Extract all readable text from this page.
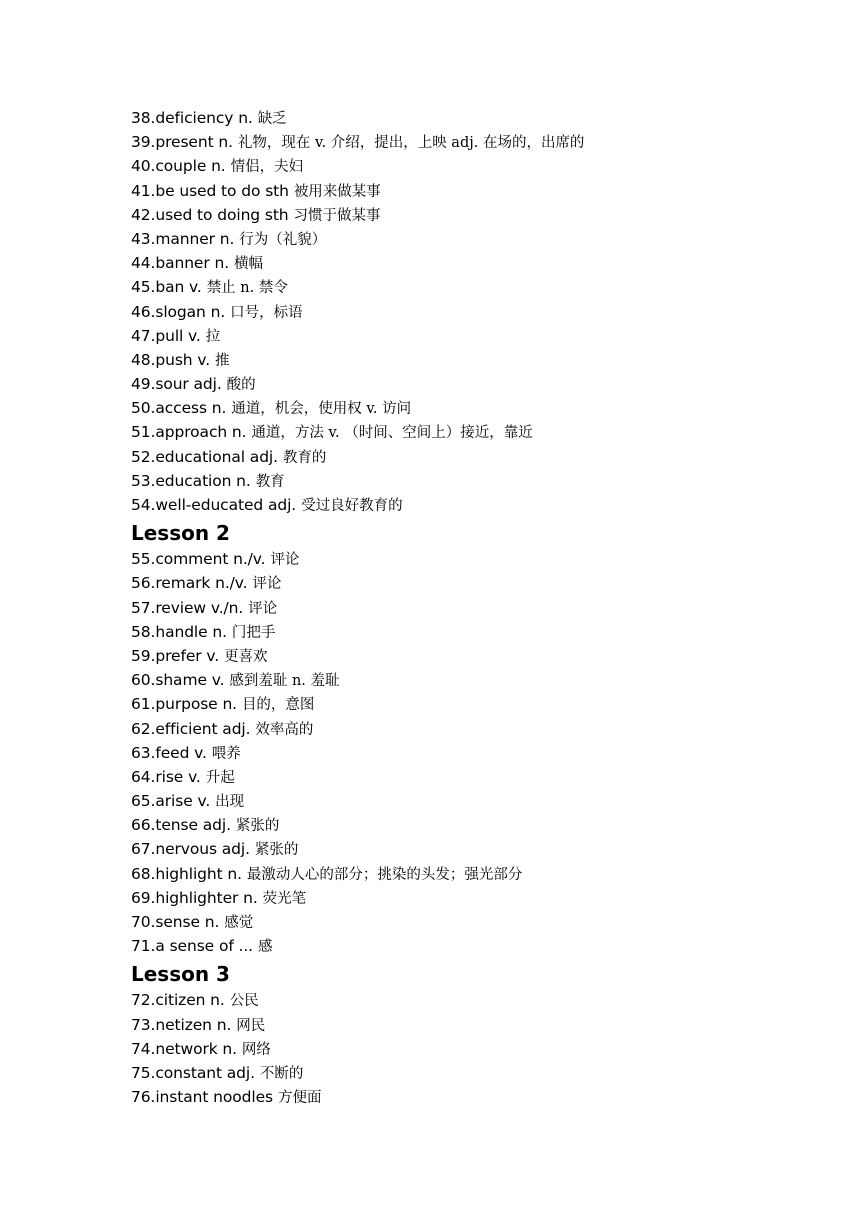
38.deficiency n. 缺乏
39.present n. 礼物，现在 v. 介绍，提出，上映 adj. 在场的，出席的
40.couple n. 情侣，夫妇
41.be used to do sth 被用来做某事
42.used to doing sth 习惯于做某事
43.manner n. 行为（礼貌）
44.banner n. 横幅
45.ban v. 禁止 n. 禁令
46.slogan n. 口号，标语
47.pull v. 拉
48.push v. 推
49.sour adj. 酸的
50.access n. 通道，机会，使用权 v. 访问
51.approach n. 通道，方法 v. （时间、空间上）接近，靠近
52.educational adj. 教育的
53.education n. 教育
54.well-educated adj. 受过良好教育的
Lesson 2
55.comment n./v. 评论
56.remark n./v. 评论
57.review v./n. 评论
58.handle n. 门把手
59.prefer v. 更喜欢
60.shame v. 感到羞耻 n. 羞耻
61.purpose n. 目的，意图
62.efficient adj. 效率高的
63.feed v. 喂养
64.rise v. 升起
65.arise v. 出现
66.tense adj. 紧张的
67.nervous adj. 紧张的
68.highlight n. 最激动人心的部分；挑染的头发；强光部分
69.highlighter n. 荧光笔
70.sense n. 感觉
71.a sense of ... 感
Lesson 3
72.citizen n. 公民
73.netizen n. 网民
74.network n. 网络
75.constant adj. 不断的
76.instant noodles 方便面
